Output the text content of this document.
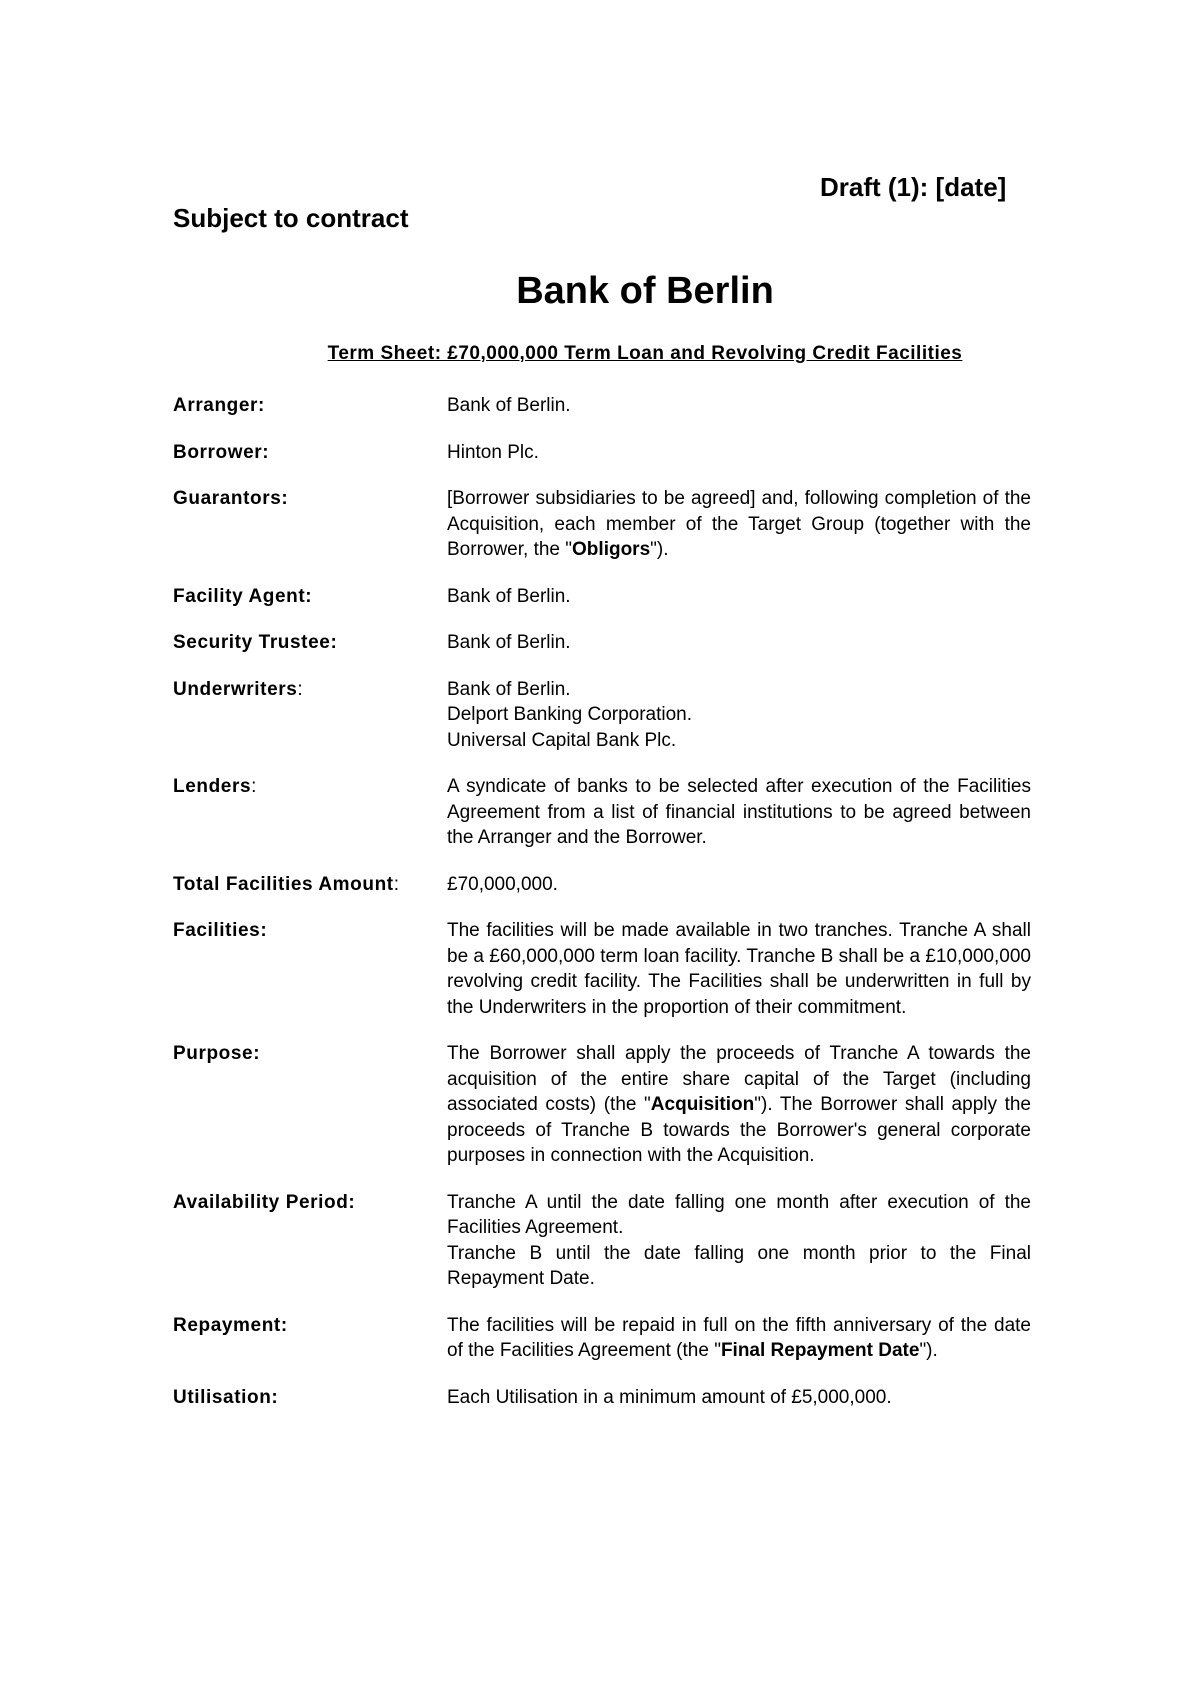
Draft (1): [date]
Subject to contract
Bank of Berlin
Term Sheet: £70,000,000 Term Loan and Revolving Credit Facilities
Arranger:	Bank of Berlin.
Borrower:	Hinton Plc.
Guarantors:	[Borrower subsidiaries to be agreed] and, following completion of the Acquisition, each member of the Target Group (together with the Borrower, the "Obligors").
Facility Agent:	Bank of Berlin.
Security Trustee:	Bank of Berlin.
Underwriters:	Bank of Berlin.
Delport Banking Corporation.
Universal Capital Bank Plc.
Lenders:	A syndicate of banks to be selected after execution of the Facilities Agreement from a list of financial institutions to be agreed between the Arranger and the Borrower.
Total Facilities Amount:	£70,000,000.
Facilities:	The facilities will be made available in two tranches. Tranche A shall be a £60,000,000 term loan facility. Tranche B shall be a £10,000,000 revolving credit facility. The Facilities shall be underwritten in full by the Underwriters in the proportion of their commitment.
Purpose:	The Borrower shall apply the proceeds of Tranche A towards the acquisition of the entire share capital of the Target (including associated costs) (the "Acquisition"). The Borrower shall apply the proceeds of Tranche B towards the Borrower's general corporate purposes in connection with the Acquisition.
Availability Period:	Tranche A until the date falling one month after execution of the Facilities Agreement.
Tranche B until the date falling one month prior to the Final Repayment Date.
Repayment:	The facilities will be repaid in full on the fifth anniversary of the date of the Facilities Agreement (the "Final Repayment Date").
Utilisation:	Each Utilisation in a minimum amount of £5,000,000.
